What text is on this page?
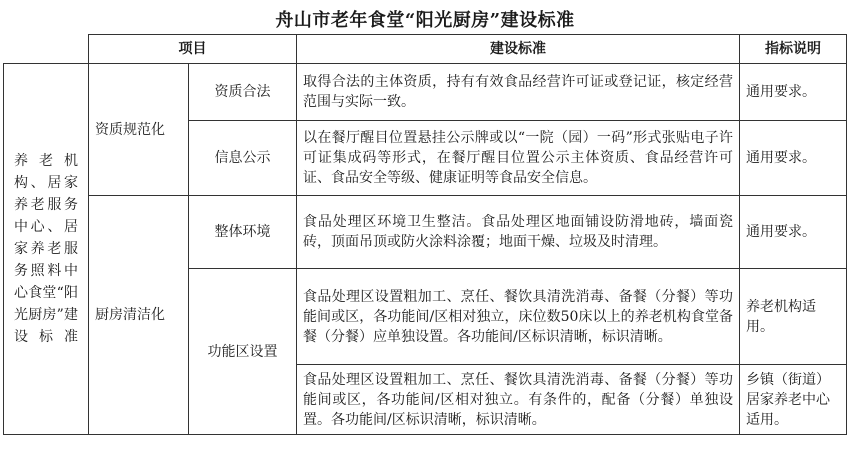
舟山市老年食堂“阳光厨房”建设标准
	项目		建设标准	指标说明
养老机构、居家养老服务中心、居家养老服务照料中心食堂“阳光厨房”建设标准	资质规范化	资质合法	取得合法的主体资质，持有有效食品经营许可证或登记证，核定经营范围与实际一致。	通用要求。
		信息公示	以在餐厅醒目位置悬挂公示牌或以“一院（园）一码”形式张贴电子许可证集成码等形式，在餐厅醒目位置公示主体资质、食品经营许可证、食品安全等级、健康证明等食品安全信息。	通用要求。
	厨房清洁化	整体环境	食品处理区环境卫生整洁。食品处理区地面铺设防滑地砖，墙面瓷砖，顶面吊顶或防火涂料涂覆；地面干燥、垃圾及时清理。	通用要求。
		功能区设置	食品处理区设置粗加工、烹任、餐饮具清洗消毒、备餐（分餐）等功能间或区，各功能间/区相对独立，床位数50床以上的养老机构食堂备餐（分餐）应单独设置。各功能间/区标识清晰，标识清晰。	养老机构适用。
			食品处理区设置粗加工、烹任、餐饮具清洗消毒、备餐（分餐）等功能间或区，各功能间/区相对独立。有条件的，配备（分餐）单独设置。各功能间/区标识清晰，标识清晰。	乡镇（街道）居家养老中心适用。
